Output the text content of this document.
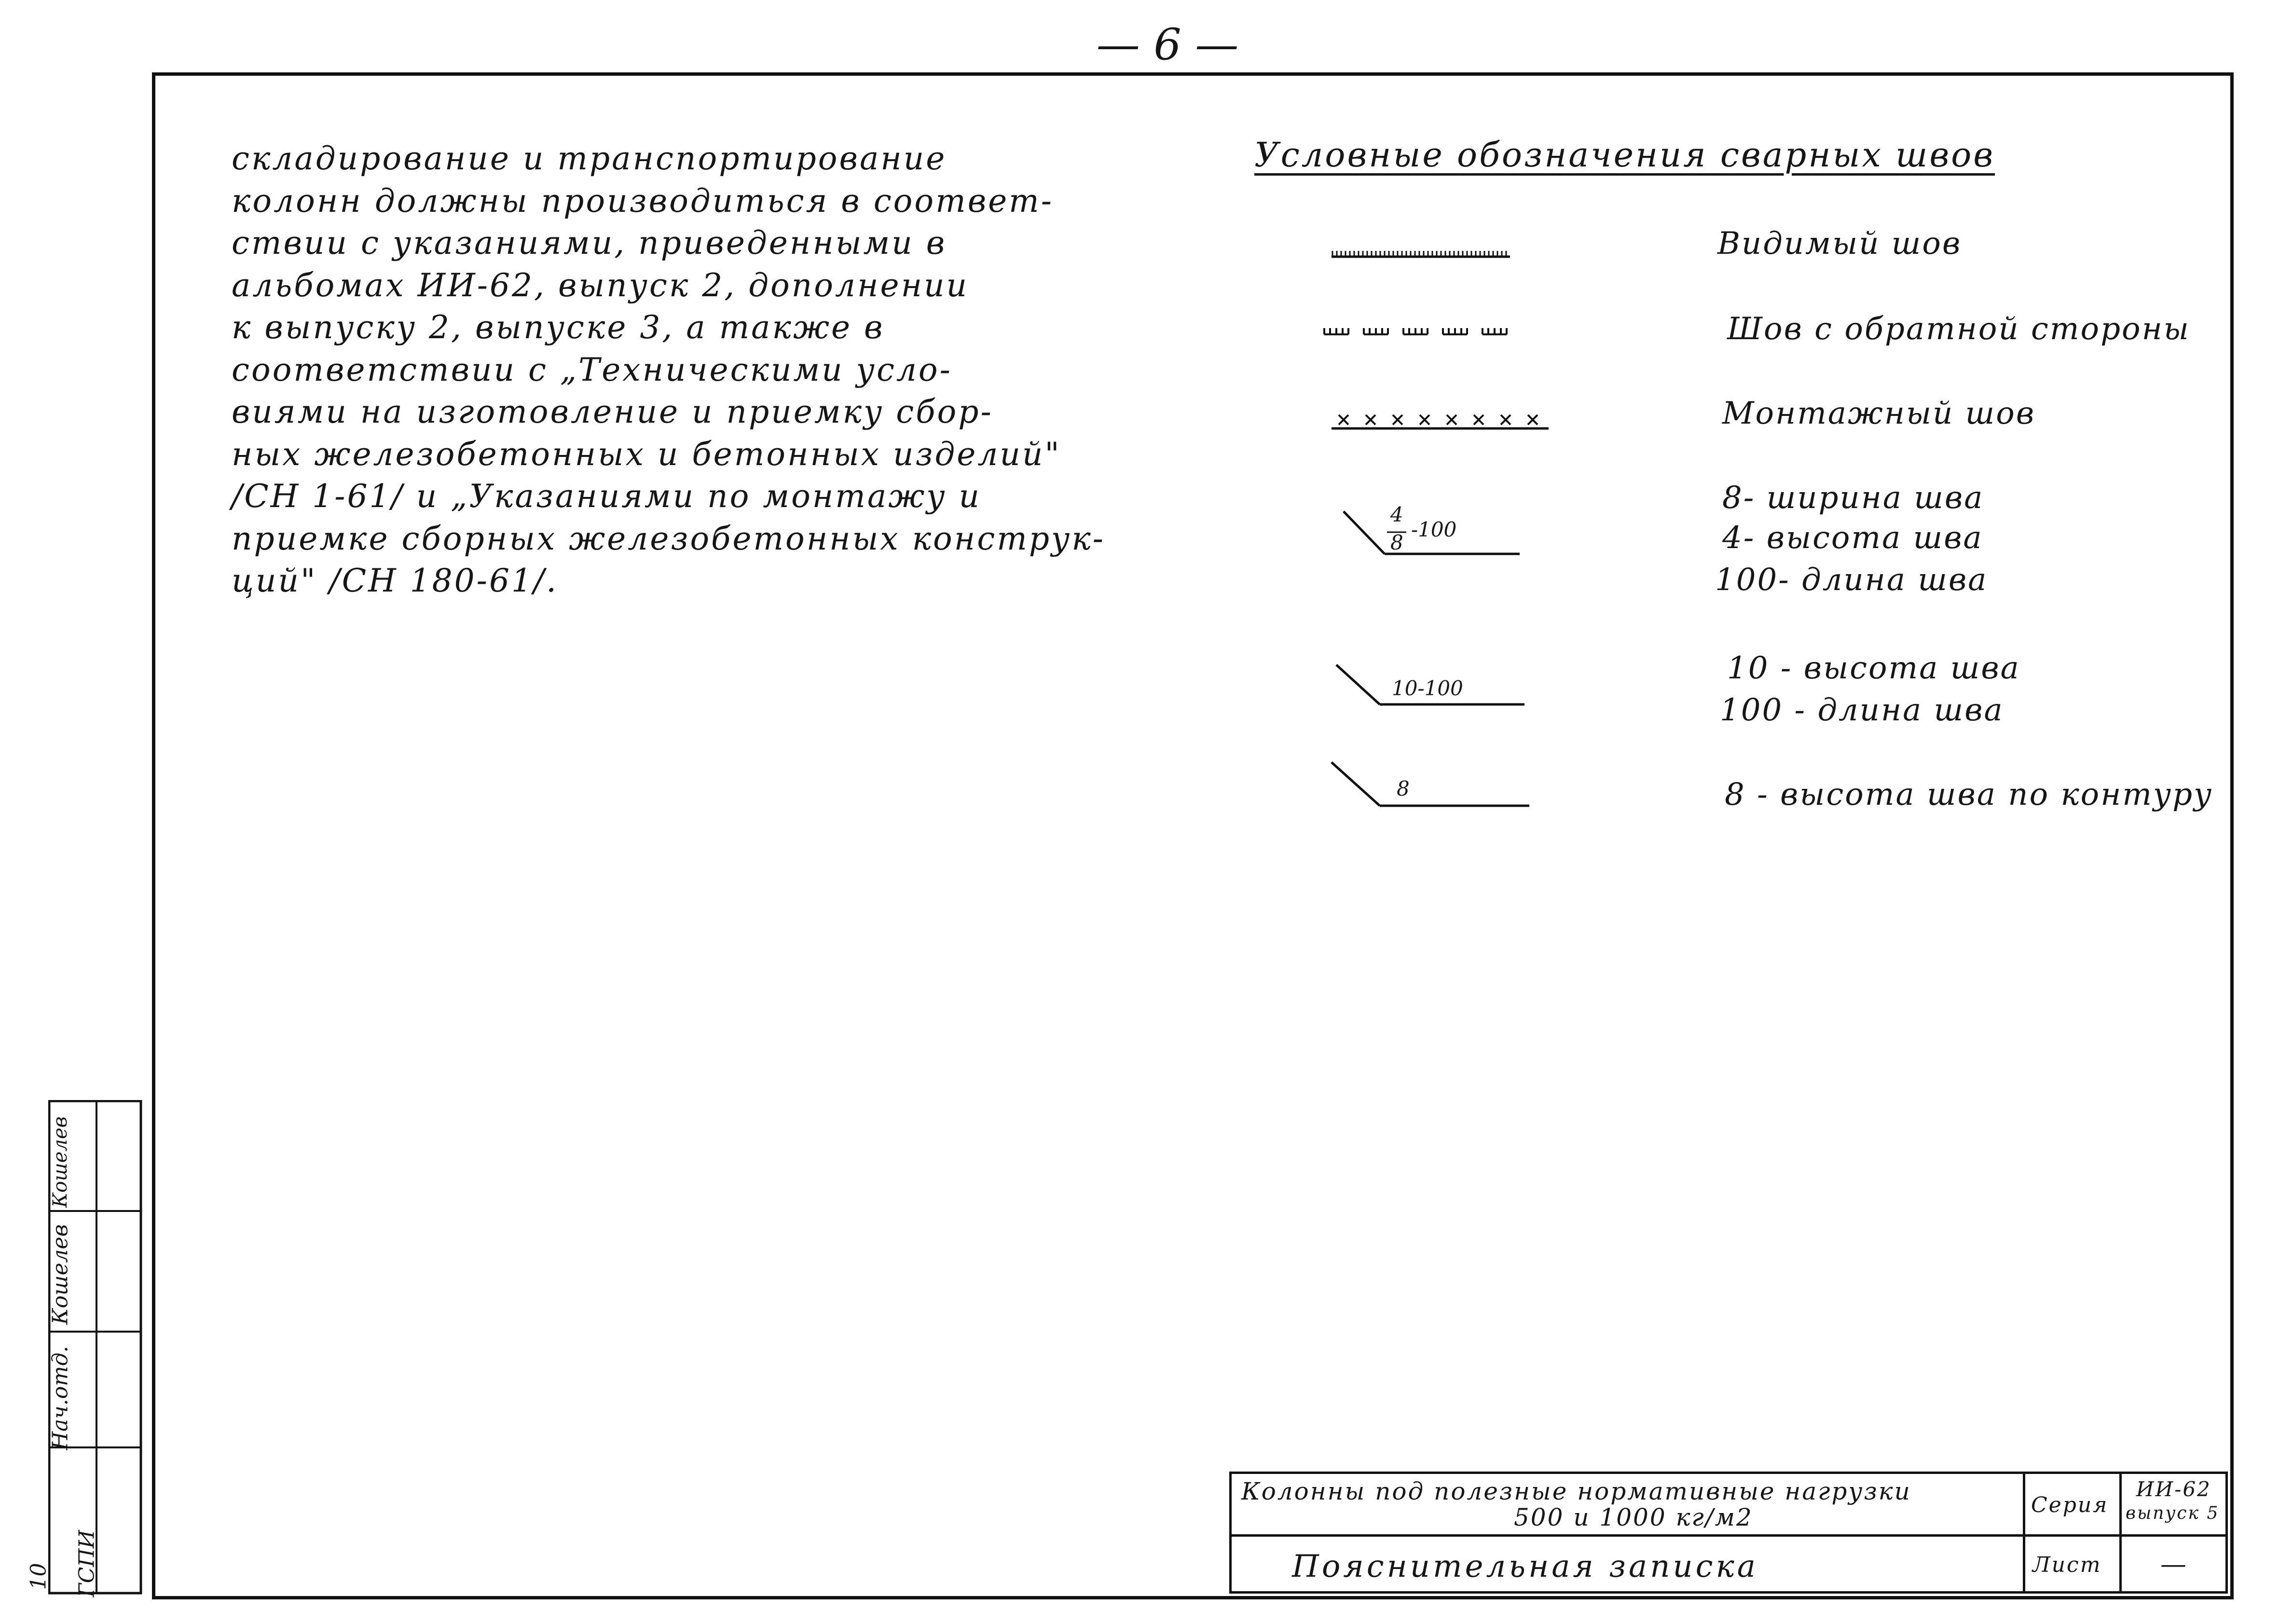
— 6 —
складирование и транспортирование
колонн должны производиться в соответ-
ствии с указаниями, приведенными в
альбомах ИИ-62, выпуск 2, дополнении
к выпуску 2, выпуске 3, а также в
соответствии с „Техническими усло-
виями на изготовление и приемку сбор-
ных железобетонных и бетонных изделий"
/СН 1-61/ и „Указаниями по монтажу и
приемке сборных железобетонных конструк-
ций" /СН 180-61/.
Условные обозначения сварных швов
4
8
-100
10-100
8
Видимый шов
Шов с обратной стороны
Монтажный шов
8- ширина шва
4- высота шва
100- длина шва
10 - высота шва
100 - длина шва
8 - высота шва по контуру
Колонны под полезные нормативные нагрузки
500 и 1000 кг/м2
Пояснительная записка
Серия
ИИ-62
выпуск 5
Лист —
ГСПИ
10
Нач.отд.
Кошелев
Кошелев
